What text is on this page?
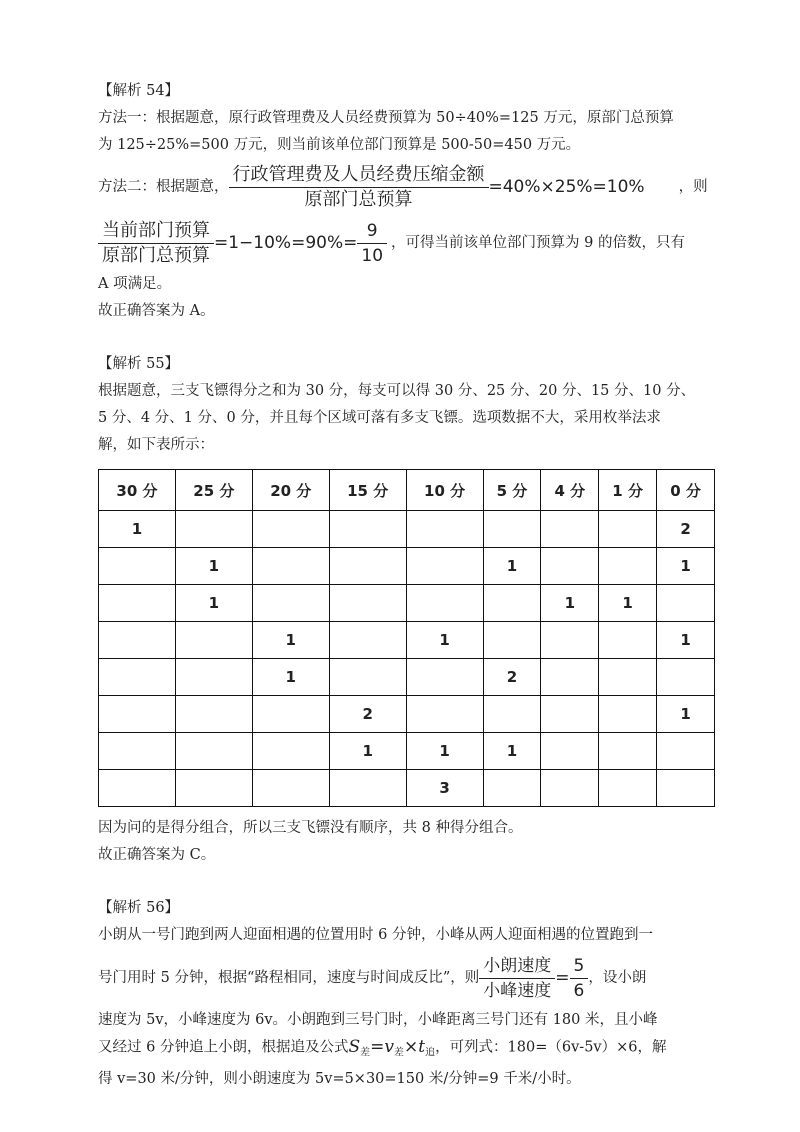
【解析 54】

方法一：根据题意，原行政管理费及人员经费预算为 50÷40%=125 万元，原部门总预算

为 125÷25%=500 万元，则当前该单位部门预算是 500-50=450 万元。

方法二：根据题意， $\frac{\text{行政管理费及人员经费压缩金额}}{\text{原部门总预算}} =40\%\times 25\%=10\%$ ，则
$\frac{\text{当前部门预算}}{\text{原部门总预算}} =1-10\%=90\%= \frac{9}{10}$ ，可得当前该单位部门预算为 9 的倍数，只有

A 项满足。

故正确答案为 A。

【解析 55】

根据题意，三支飞镖得分之和为 30 分，每支可以得 30 分、25 分、20 分、15 分、10 分、

5 分、4 分、1 分、0 分，并且每个区域可落有多支飞镖。选项数据不大，采用枚举法求

解，如下表所示：

30 分	25 分	20 分	15 分	10 分	5 分	4 分	1 分	0 分
1								2
	1				1			1
	1					1	1	
		1		1				1
		1			2			
			2					1
			1	1	1			
				3				

因为问的是得分组合，所以三支飞镖没有顺序，共 8 种得分组合。

故正确答案为 C。

【解析 56】

小朗从一号门跑到两人迎面相遇的位置用时 6 分钟，小峰从两人迎面相遇的位置跑到一

号门用时 5 分钟，根据“路程相同，速度与时间成反比”，则 $\frac{\text{小朗速度}}{\text{小峰速度}} = \frac{5}{6}$ ，设小朗

速度为 5v，小峰速度为 6v。小朗跑到三号门时，小峰距离三号门还有 180 米，且小峰

又经过 6 分钟追上小朗，根据追及公式$S_差=v_差\times t_追$，可列式：180=（6v-5v）×6，解

得 v=30 米/分钟，则小朗速度为 5v=5×30=150 米/分钟=9 千米/小时。
